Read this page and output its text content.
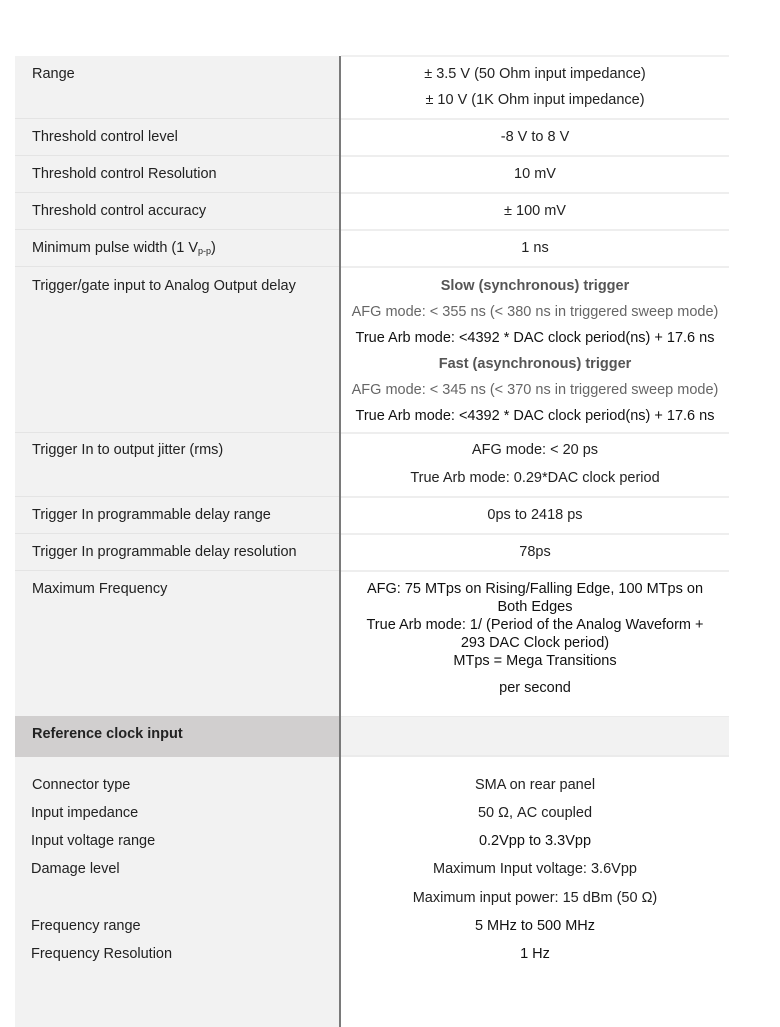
Range	± 3.5 V (50 Ohm input impedance)
± 10 V (1K Ohm input impedance)
Threshold control level	-8 V to 8 V
Threshold control Resolution	10 mV
Threshold control accuracy	± 100 mV
Minimum pulse width (1 $V_{p-p}$)	1 ns
Trigger/gate input to Analog Output delay	Slow (synchronous) trigger
AFG mode: < 355 ns (< 380 ns in triggered sweep mode)
True Arb mode: <4392 * DAC clock period(ns) + 17.6 ns
Fast (asynchronous) trigger
AFG mode: < 345 ns (< 370 ns in triggered sweep mode)
True Arb mode: <4392 * DAC clock period(ns) + 17.6 ns
Trigger In to output jitter (rms)	AFG mode: < 20 ps
True Arb mode: 0.29*DAC clock period
Trigger In programmable delay range	0ps to 2418 ps
Trigger In programmable delay resolution	78ps
Maximum Frequency	AFG: 75 MTps on Rising/Falling Edge, 100 MTps on
Both Edges
True Arb mode: 1/ (Period of the Analog Waveform +
293 DAC Clock period)
MTps = Mega Transitions
per second
Reference clock input
Connector type	SMA on rear panel
Input impedance	50 Ω, AC coupled
Input voltage range	0.2Vpp to 3.3Vpp
Damage level	Maximum Input voltage: 3.6Vpp
Maximum input power: 15 dBm (50 Ω)
Frequency range	5 MHz to 500 MHz
Frequency Resolution	1 Hz
